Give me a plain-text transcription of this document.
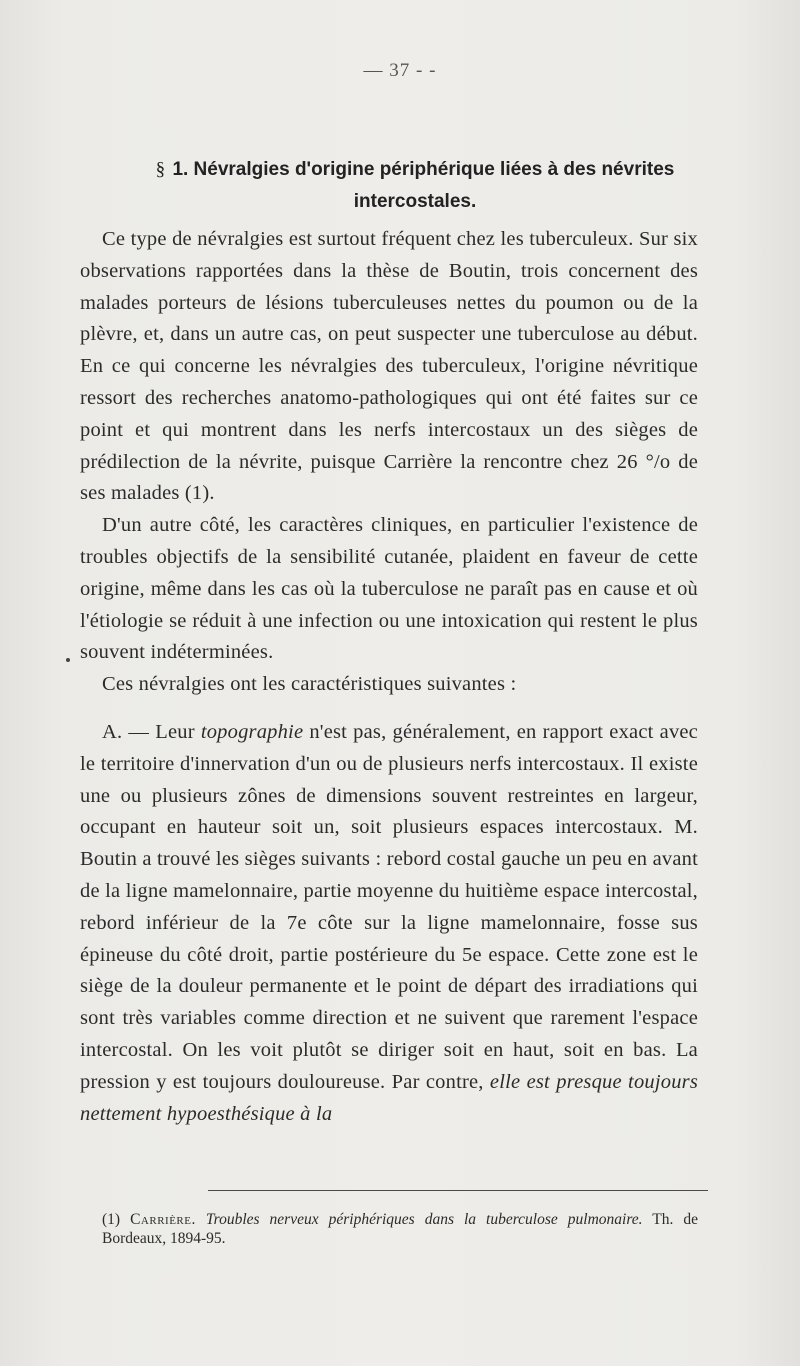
— 37 - -
§ 1. Névralgies d'origine périphérique liées à des névrites intercostales.

Ce type de névralgies est surtout fréquent chez les tuberculeux. Sur six observations rapportées dans la thèse de Boutin, trois concernent des malades porteurs de lésions tuberculeuses nettes du poumon ou de la plèvre, et, dans un autre cas, on peut suspecter une tuberculose au début. En ce qui concerne les névralgies des tuberculeux, l'origine névritique ressort des recherches anatomo-pathologiques qui ont été faites sur ce point et qui montrent dans les nerfs intercostaux un des sièges de prédilection de la névrite, puisque Carrière la rencontre chez 26 °/o de ses malades (1).

D'un autre côté, les caractères cliniques, en particulier l'existence de troubles objectifs de la sensibilité cutanée, plaident en faveur de cette origine, même dans les cas où la tuberculose ne paraît pas en cause et où l'étiologie se réduit à une infection ou une intoxication qui restent le plus souvent indéterminées.

Ces névralgies ont les caractéristiques suivantes :

A. — Leur topographie n'est pas, généralement, en rapport exact avec le territoire d'innervation d'un ou de plusieurs nerfs intercostaux. Il existe une ou plusieurs zônes de dimensions souvent restreintes en largeur, occupant en hauteur soit un, soit plusieurs espaces intercostaux. M. Boutin a trouvé les sièges suivants : rebord costal gauche un peu en avant de la ligne mamelonnaire, partie moyenne du huitième espace intercostal, rebord inférieur de la 7e côte sur la ligne mamelonnaire, fosse sus épineuse du côté droit, partie postérieure du 5e espace. Cette zone est le siège de la douleur permanente et le point de départ des irradiations qui sont très variables comme direction et ne suivent que rarement l'espace intercostal. On les voit plutôt se diriger soit en haut, soit en bas. La pression y est toujours douloureuse. Par contre, elle est presque toujours nettement hypoesthésique à la

(1) Carrière. Troubles nerveux périphériques dans la tuberculose pulmonaire. Th. de Bordeaux, 1894-95.
